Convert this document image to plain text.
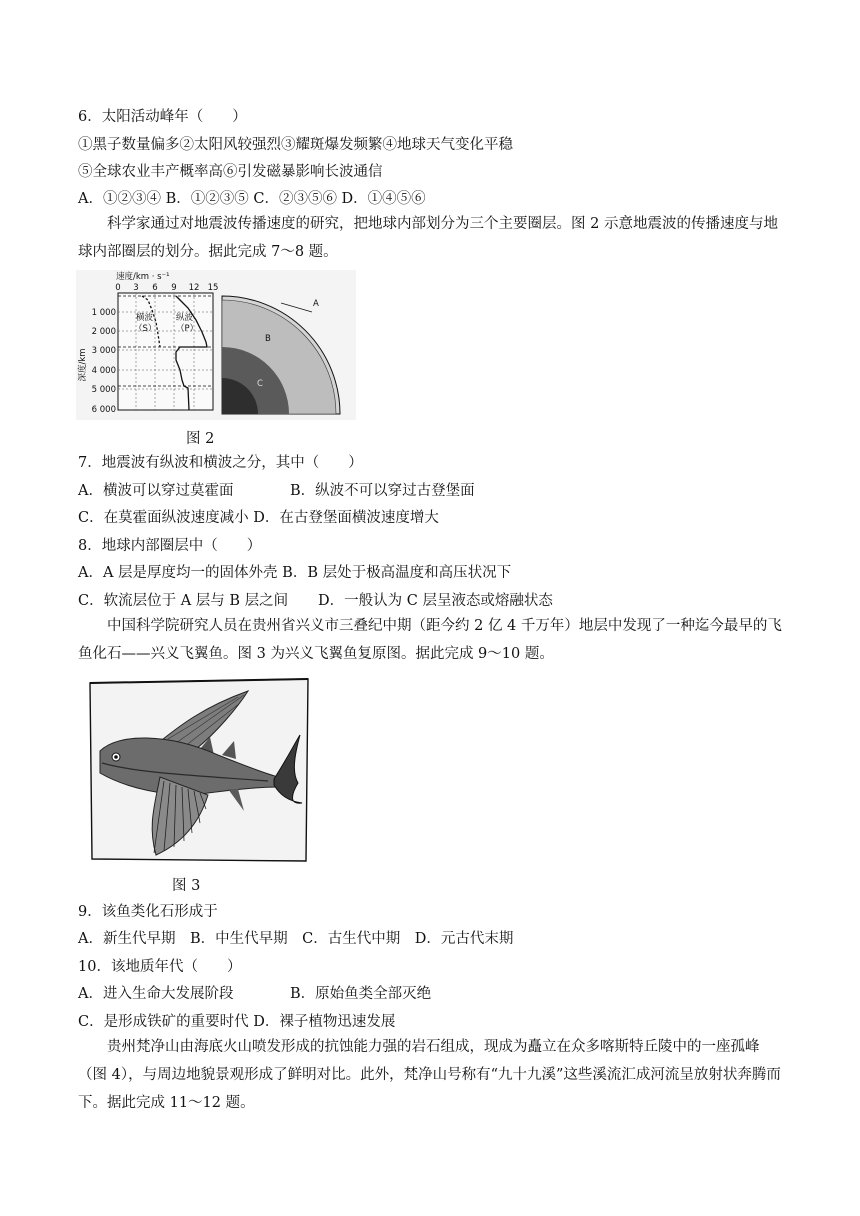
6．太阳活动峰年（　　）
①黑子数量偏多②太阳风较强烈③耀斑爆发频繁④地球天气变化平稳
⑤全球农业丰产概率高⑥引发磁暴影响长波通信
A．①②③④ B．①②③⑤ C．②③⑤⑥ D．①④⑤⑥
科学家通过对地震波传播速度的研究，把地球内部划分为三个主要圈层。图 2 示意地震波的传播速度与地球内部圈层的划分。据此完成 7～8 题。
速度/km · s⁻¹
0 3 6 9 12 15
深度/km
1 000
2 000
3 000
4 000
5 000
6 000
横波
（S）
纵波
（P）
A
B
C
图 2
7．地震波有纵波和横波之分，其中（　　）
A．横波可以穿过莫霍面	B．纵波不可以穿过古登堡面
C．在莫霍面纵波速度减小 D．在古登堡面横波速度增大
8．地球内部圈层中（　　）
A．A 层是厚度均一的固体外壳 B．B 层处于极高温度和高压状况下
C．软流层位于 A 层与 B 层之间 D．一般认为 C 层呈液态或熔融状态
中国科学院研究人员在贵州省兴义市三叠纪中期（距今约 2 亿 4 千万年）地层中发现了一种迄今最早的飞鱼化石——兴义飞翼鱼。图 3 为兴义飞翼鱼复原图。据此完成 9～10 题。
图 3
9．该鱼类化石形成于
A．新生代早期　B．中生代早期　C．古生代中期　D．元古代末期
10．该地质年代（　　）
A．进入生命大发展阶段	B．原始鱼类全部灭绝
C．是形成铁矿的重要时代 D．裸子植物迅速发展
贵州梵净山由海底火山喷发形成的抗蚀能力强的岩石组成，现成为矗立在众多喀斯特丘陵中的一座孤峰（图 4），与周边地貌景观形成了鲜明对比。此外，梵净山号称有“九十九溪”这些溪流汇成河流呈放射状奔腾而下。据此完成 11～12 题。
